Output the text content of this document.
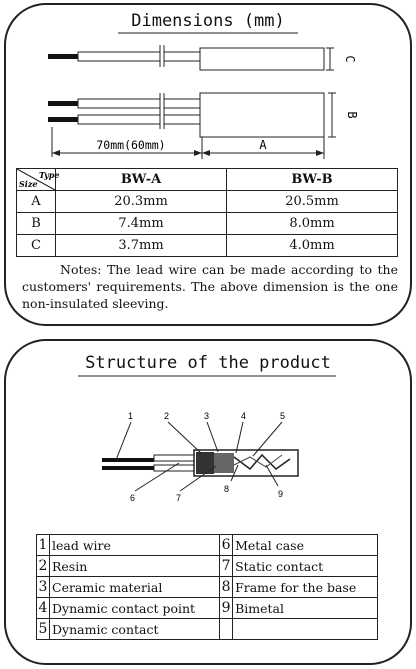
Dimensions (mm)
70mm(60mm)	A
C
B
Type
Size	BW-A	BW-B
A	20.3mm	20.5mm
B	7.4mm	8.0mm
C	3.7mm	4.0mm
Notes: The lead wire can be made according to the customers' requirements. The above dimension is the one non-insulated sleeving.
Structure of the product
1	2	3	4	5
6	7
8	9
1	lead wire	6	Metal case
2	Resin	7	Static contact
3	Ceramic material	8	Frame for the base
4	Dynamic contact point	9	Bimetal
5	Dynamic contact		
